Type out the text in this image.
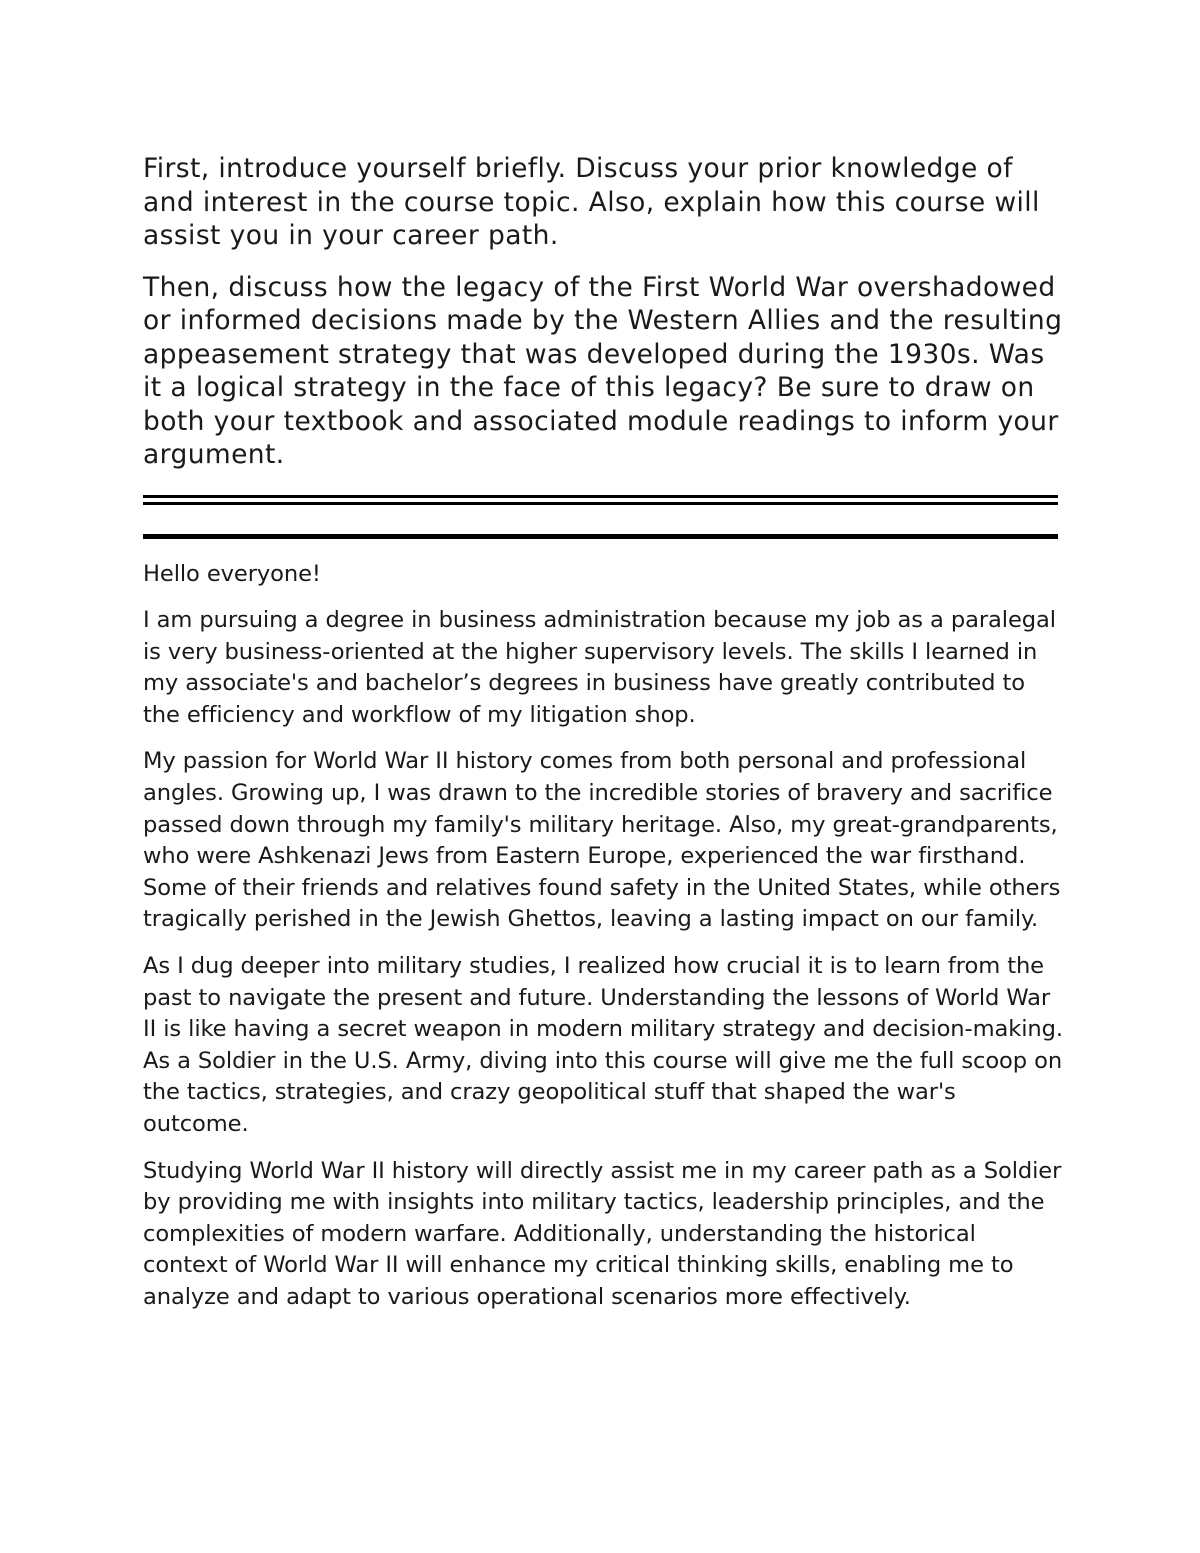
First, introduce yourself briefly. Discuss your prior knowledge of and interest in the course topic. Also, explain how this course will assist you in your career path.

Then, discuss how the legacy of the First World War overshadowed or informed decisions made by the Western Allies and the resulting appeasement strategy that was developed during the 1930s. Was it a logical strategy in the face of this legacy? Be sure to draw on both your textbook and associated module readings to inform your argument.

Hello everyone!

I am pursuing a degree in business administration because my job as a paralegal is very business-oriented at the higher supervisory levels. The skills I learned in my associate's and bachelor’s degrees in business have greatly contributed to the efficiency and workflow of my litigation shop.

My passion for World War II history comes from both personal and professional angles. Growing up, I was drawn to the incredible stories of bravery and sacrifice passed down through my family's military heritage. Also, my great-grandparents, who were Ashkenazi Jews from Eastern Europe, experienced the war firsthand. Some of their friends and relatives found safety in the United States, while others tragically perished in the Jewish Ghettos, leaving a lasting impact on our family.

As I dug deeper into military studies, I realized how crucial it is to learn from the past to navigate the present and future. Understanding the lessons of World War II is like having a secret weapon in modern military strategy and decision-making. As a Soldier in the U.S. Army, diving into this course will give me the full scoop on the tactics, strategies, and crazy geopolitical stuff that shaped the war's outcome.

Studying World War II history will directly assist me in my career path as a Soldier by providing me with insights into military tactics, leadership principles, and the complexities of modern warfare. Additionally, understanding the historical context of World War II will enhance my critical thinking skills, enabling me to analyze and adapt to various operational scenarios more effectively.
